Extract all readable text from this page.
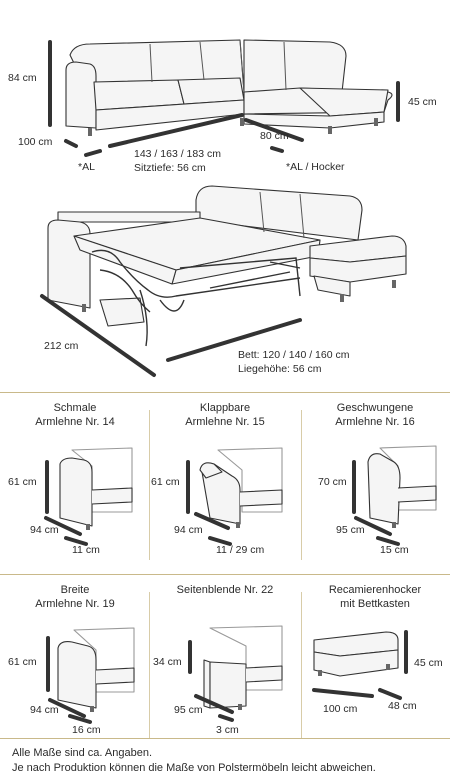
84 cm
100 cm	80 cm
45 cm
*AL
143 / 163 / 183 cm
Sitztiefe: 56 cm	*AL / Hocker
212 cm
Bett: 120 / 140 / 160 cm
Liegehöhe: 56 cm
Schmale
Armlehne Nr. 14
Klappbare
Armlehne Nr. 15
Geschwungene
Armlehne Nr. 16
61 cm
94 cm
11 cm
61 cm
94 cm
11 / 29 cm
70 cm
95 cm
15 cm
Breite
Armlehne Nr. 19
Seitenblende Nr. 22	Recamierenhocker
mit Bettkasten
61 cm
94 cm
16 cm
34 cm
95 cm
3 cm
45 cm
100 cm	48 cm
Alle Maße sind ca. Angaben.
Je nach Produktion können die Maße von Polstermöbeln leicht abweichen.
